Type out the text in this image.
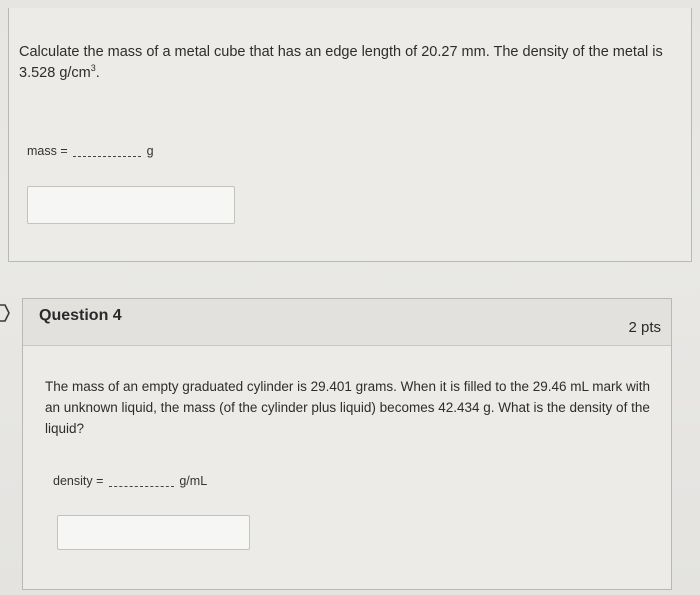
Calculate the mass of a metal cube that has an edge length of 20.27 mm. The density of the metal is 3.528 $g/cm^3$.
mass =	g
Question 4
2 pts
The mass of an empty graduated cylinder is 29.401 grams. When it is filled to the 29.46 mL mark with an unknown liquid, the mass (of the cylinder plus liquid) becomes 42.434 g. What is the density of the liquid?
density =	g/mL
